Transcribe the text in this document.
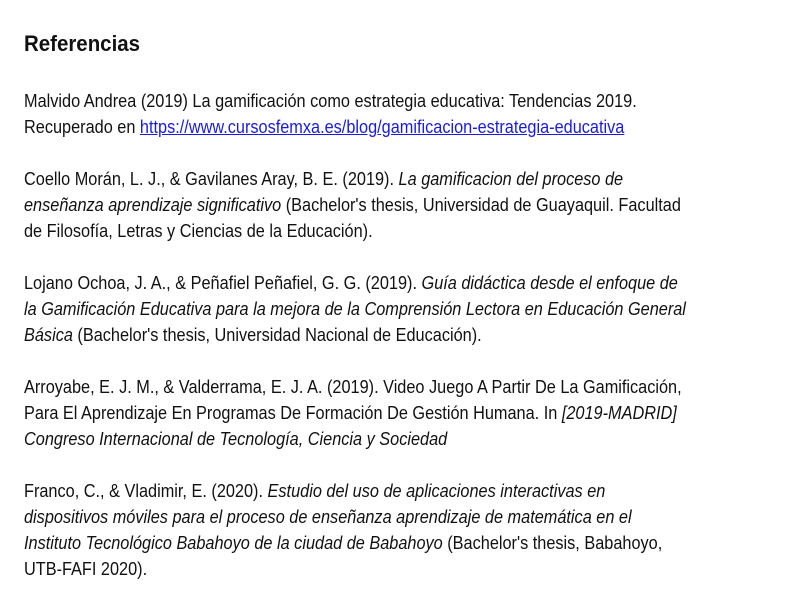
Referencias

Malvido Andrea (2019) La gamificación como estrategia educativa: Tendencias 2019.
Recuperado en https://www.cursosfemxa.es/blog/gamificacion-estrategia-educativa

Coello Morán, L. J., & Gavilanes Aray, B. E. (2019). La gamificacion del proceso de
enseñanza aprendizaje significativo (Bachelor's thesis, Universidad de Guayaquil. Facultad
de Filosofía, Letras y Ciencias de la Educación).

Lojano Ochoa, J. A., & Peñafiel Peñafiel, G. G. (2019). Guía didáctica desde el enfoque de
la Gamificación Educativa para la mejora de la Comprensión Lectora en Educación General
Básica (Bachelor's thesis, Universidad Nacional de Educación).

Arroyabe, E. J. M., & Valderrama, E. J. A. (2019). Video Juego A Partir De La Gamificación,
Para El Aprendizaje En Programas De Formación De Gestión Humana. In [2019-MADRID]
Congreso Internacional de Tecnología, Ciencia y Sociedad

Franco, C., & Vladimir, E. (2020). Estudio del uso de aplicaciones interactivas en
dispositivos móviles para el proceso de enseñanza aprendizaje de matemática en el
Instituto Tecnológico Babahoyo de la ciudad de Babahoyo (Bachelor's thesis, Babahoyo,
UTB-FAFI 2020).
